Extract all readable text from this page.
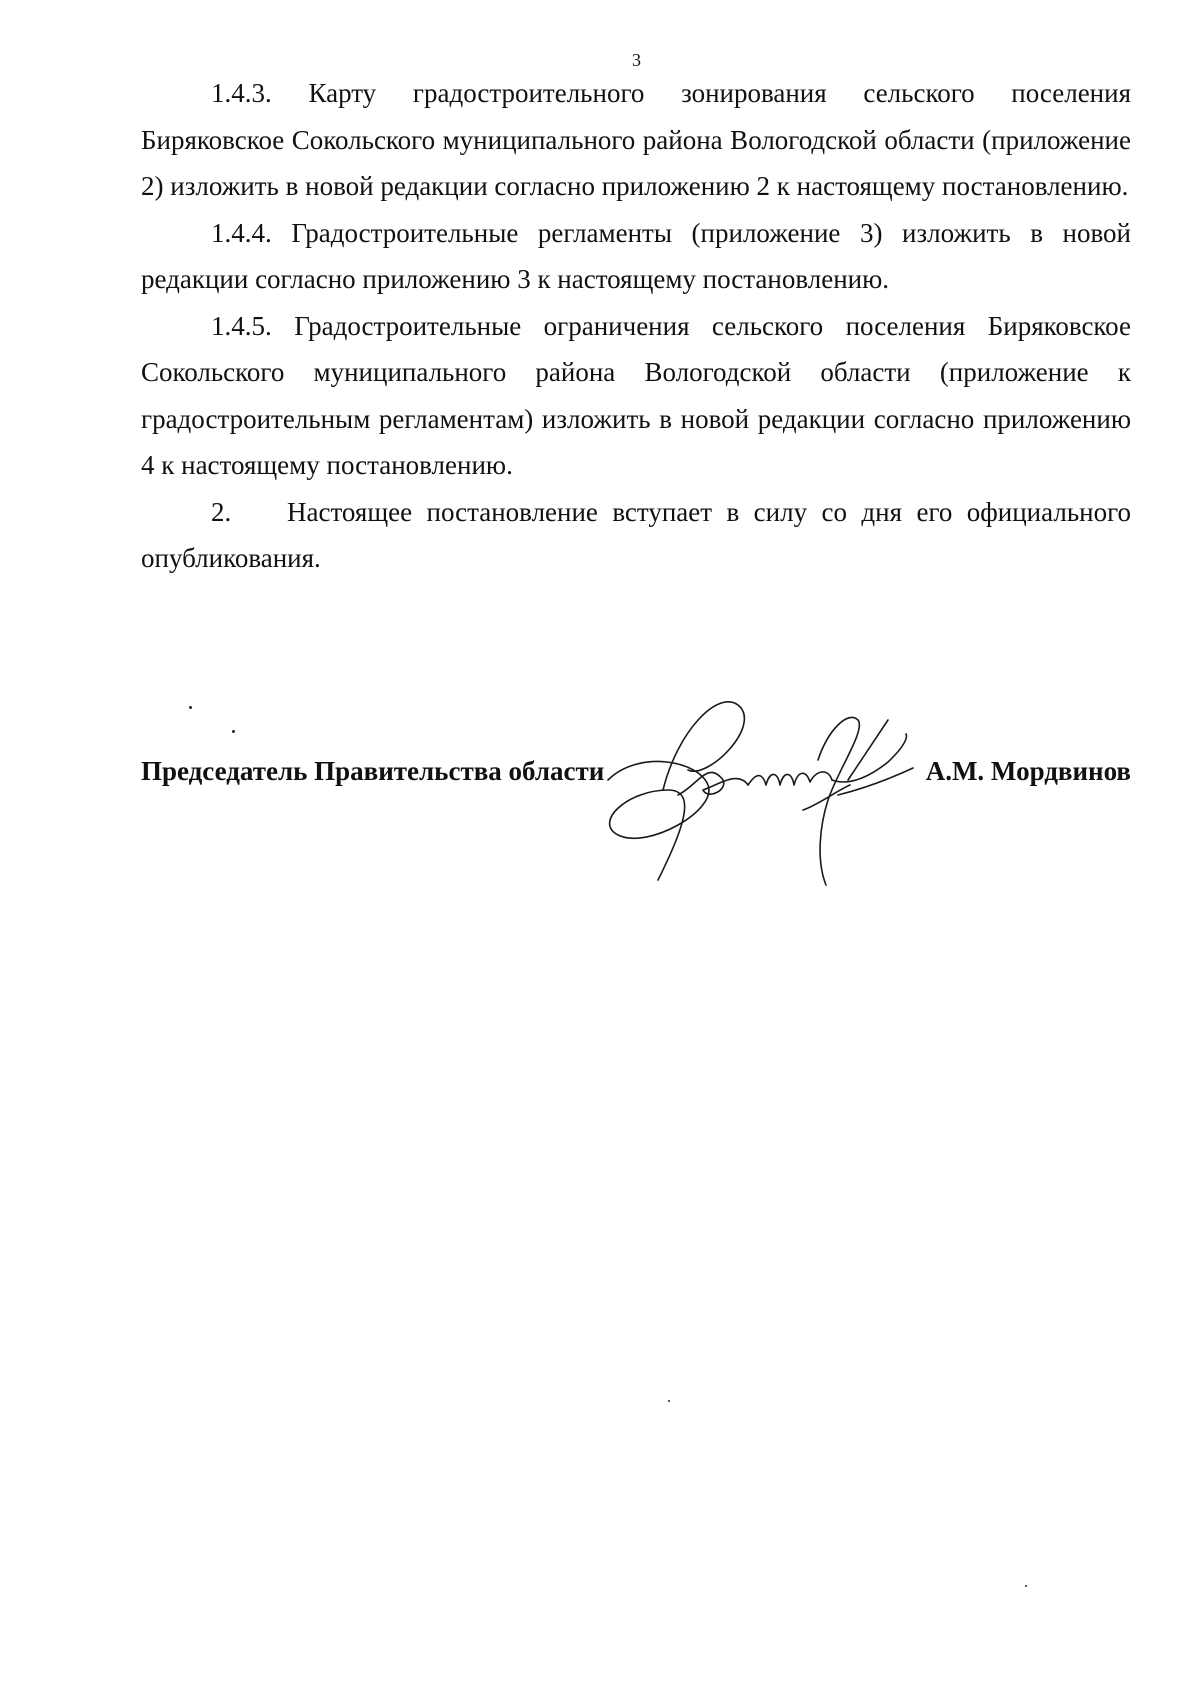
3

1.4.3. Карту градостроительного зонирования сельского поселения Биряковское Сокольского муниципального района Вологодской области (приложение 2) изложить в новой редакции согласно приложению 2 к настоящему постановлению.

1.4.4. Градостроительные регламенты (приложение 3) изложить в новой редакции согласно приложению 3 к настоящему постановлению.

1.4.5. Градостроительные ограничения сельского поселения Биряковское Сокольского муниципального района Вологодской области (приложение к градостроительным регламентам) изложить в новой редакции согласно приложению 4 к настоящему постановлению.

2. Настоящее постановление вступает в силу со дня его официального опубликования.

Председатель Правительства области	А.М. Мордвинов
